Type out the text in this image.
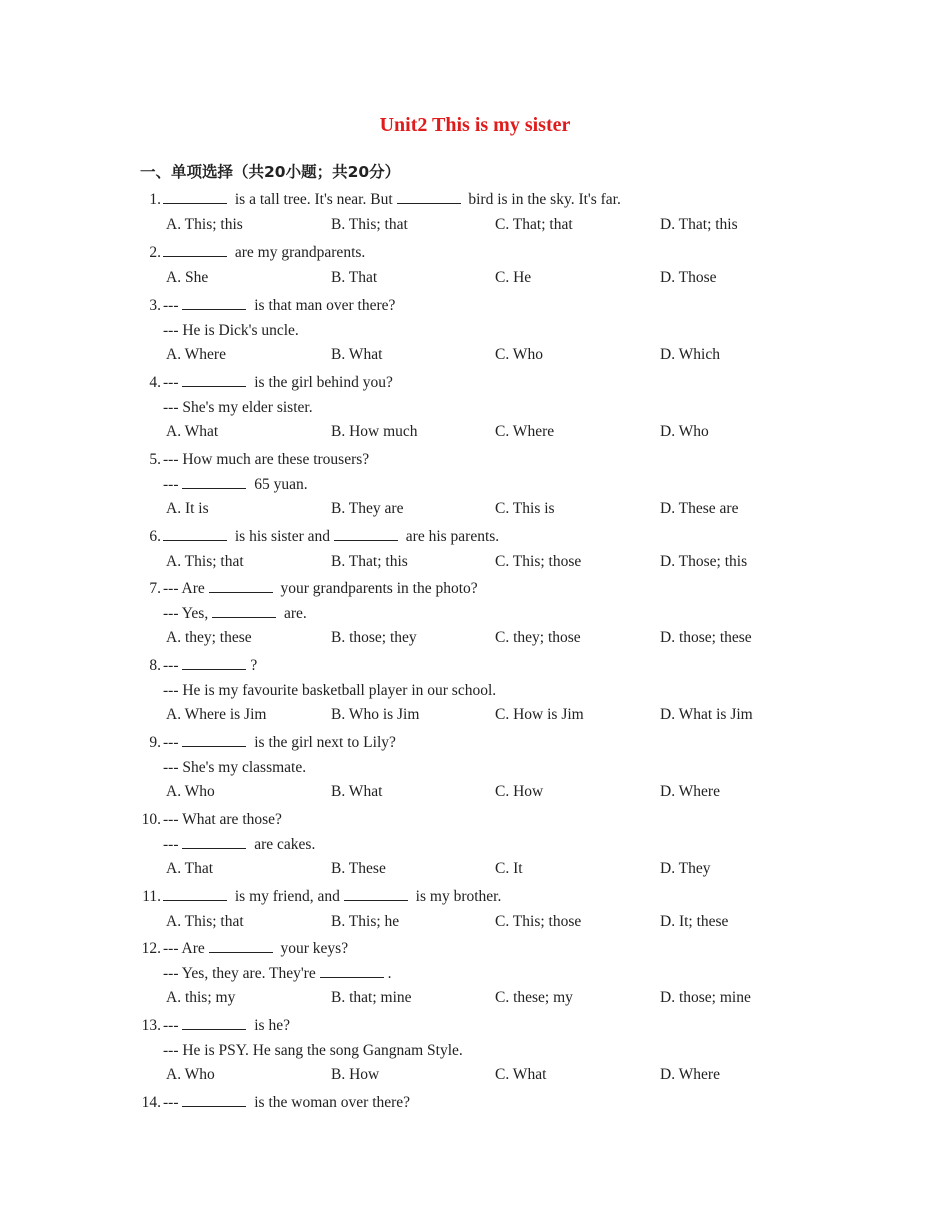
Unit2 This is my sister
一、单项选择（共20小题；共20分）
1.	is a tall tree. It's near. But	bird is in the sky. It's far.
A. This; this	B. This; that	C. That; that	D. That; this
2.	are my grandparents.
A. She	B. That	C. He	D. Those
3. ---	is that man over there?
--- He is Dick's uncle.
A. Where	B. What	C. Who	D. Which
4. ---	is the girl behind you?
--- She's my elder sister.
A. What	B. How much	C. Where	D. Who
5. --- How much are these trousers?
---	65 yuan.
A. It is	B. They are	C. This is	D. These are
6.	is his sister and	are his parents.
A. This; that	B. That; this	C. This; those	D. Those; this
7. --- Are	your grandparents in the photo?
--- Yes,	are.
A. they; these	B. those; they	C. they; those	D. those; these
8. ---	?
--- He is my favourite basketball player in our school.
A. Where is Jim	B. Who is Jim	C. How is Jim	D. What is Jim
9. ---	is the girl next to Lily?
--- She's my classmate.
A. Who	B. What	C. How	D. Where
10. --- What are those?
---	are cakes.
A. That	B. These	C. It	D. They
11.	is my friend, and	is my brother.
A. This; that	B. This; he	C. This; those	D. It; these
12. --- Are	your keys?
--- Yes, they are. They're	.
A. this; my	B. that; mine	C. these; my	D. those; mine
13. ---	is he?
--- He is PSY. He sang the song Gangnam Style.
A. Who	B. How	C. What	D. Where
14. ---	is the woman over there?
